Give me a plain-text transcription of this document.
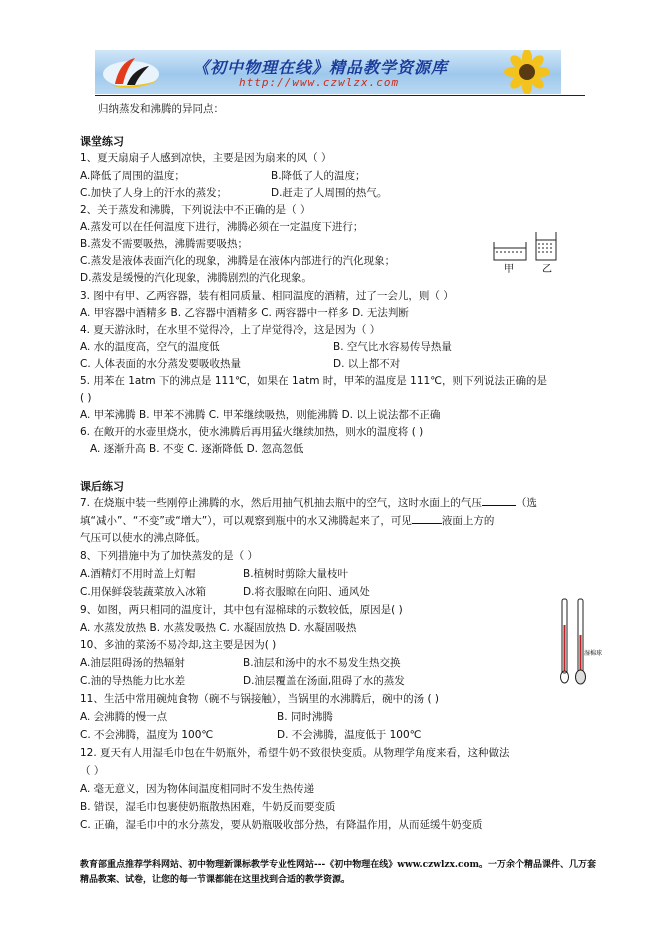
《初中物理在线》精品教学资源库
http://www.czwlzx.com
归纳蒸发和沸腾的异同点：
课堂练习
1、夏天扇扇子人感到凉快，主要是因为扇来的风（ ）
A.降低了周围的温度；	B.降低了人的温度；
C.加快了人身上的汗水的蒸发；	D.赶走了人周围的热气。
2、关于蒸发和沸腾，下列说法中不正确的是（ ）
A.蒸发可以在任何温度下进行，沸腾必须在一定温度下进行；
B.蒸发不需要吸热，沸腾需要吸热；
C.蒸发是液体表面汽化的现象，沸腾是在液体内部进行的汽化现象；
D.蒸发是缓慢的汽化现象，沸腾剧烈的汽化现象。
甲	乙
3. 图中有甲、乙两容器，装有相同质量、相同温度的酒精，过了一会儿，则（ ）
A. 甲容器中酒精多 B. 乙容器中酒精多 C. 两容器中一样多 D. 无法判断
4. 夏天游泳时，在水里不觉得冷，上了岸觉得冷，这是因为（ ）
A. 水的温度高，空气的温度低	B. 空气比水容易传导热量
C. 人体表面的水分蒸发要吸收热量	D. 以上都不对
5. 用苯在 1atm 下的沸点是 111℃，如果在 1atm 时，甲苯的温度是 111℃，则下列说法正确的是
( )
A. 甲苯沸腾 B. 甲苯不沸腾 C. 甲苯继续吸热，则能沸腾 D. 以上说法都不正确
6. 在敞开的水壶里烧水，使水沸腾后再用猛火继续加热，则水的温度将 ( )
A. 逐渐升高 B. 不变 C. 逐渐降低 D. 忽高忽低
课后练习
7. 在烧瓶中装一些刚停止沸腾的水，然后用抽气机抽去瓶中的空气，这时水面上的气压	（选
填“减小”、“不变”或“增大”），可以观察到瓶中的水又沸腾起来了，可见	液面上方的
气压可以使水的沸点降低。
8、下列措施中为了加快蒸发的是（ ）
A.酒精灯不用时盖上灯帽	B.植树时剪除大量枝叶
C.用保鲜袋装蔬菜放入冰箱	D.将衣服晾在向阳、通风处
9、如图，两只相同的温度计，其中包有湿棉球的示数较低，原因是( )
A. 水蒸发放热 B. 水蒸发吸热 C. 水凝固放热 D. 水凝固吸热
湿棉球
10、多油的菜汤不易冷却,这主要是因为( )
A.油层阻碍汤的热辐射	B.油层和汤中的水不易发生热交换
C.油的导热能力比水差	D.油层覆盖在汤面,阻碍了水的蒸发
11、生活中常用碗炖食物（碗不与锅接触），当锅里的水沸腾后，碗中的汤 ( )
A. 会沸腾的慢一点	B. 同时沸腾
C. 不会沸腾，温度为 100℃	D. 不会沸腾，温度低于 100℃
12. 夏天有人用湿毛巾包在牛奶瓶外，希望牛奶不致很快变质。从物理学角度来看，这种做法
（ ）
A. 毫无意义，因为物体间温度相同时不发生热传递
B. 错误，湿毛巾包裹使奶瓶散热困难，牛奶反而要变质
C. 正确，湿毛巾中的水分蒸发，要从奶瓶吸收部分热，有降温作用，从而延缓牛奶变质
教育部重点推荐学科网站、初中物理新课标教学专业性网站---《初中物理在线》www.czwlzx.com。一万余个精品课件、几万套精品教案、试卷，让您的每一节课都能在这里找到合适的教学资源。
